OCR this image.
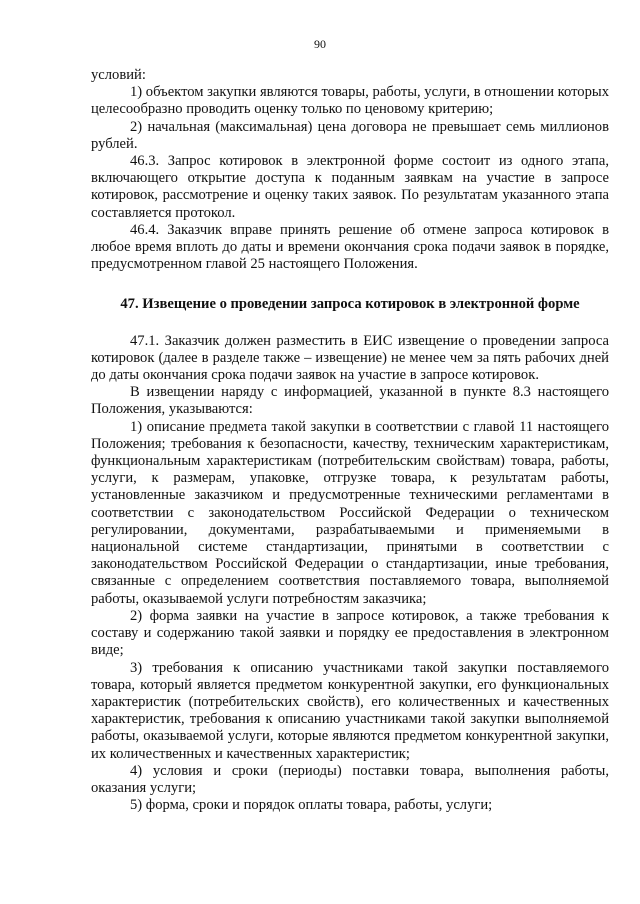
90

условий:

1) объектом закупки являются товары, работы, услуги, в отношении которых целесообразно проводить оценку только по ценовому критерию;

2) начальная (максимальная) цена договора не превышает семь миллионов рублей.

46.3. Запрос котировок в электронной форме состоит из одного этапа, включающего открытие доступа к поданным заявкам на участие в запросе котировок, рассмотрение и оценку таких заявок. По результатам указанного этапа составляется протокол.

46.4. Заказчик вправе принять решение об отмене запроса котировок в любое время вплоть до даты и времени окончания срока подачи заявок в порядке, предусмотренном главой 25 настоящего Положения.

47. Извещение о проведении запроса котировок в электронной форме

47.1. Заказчик должен разместить в ЕИС извещение о проведении запроса котировок (далее в разделе также – извещение) не менее чем за пять рабочих дней до даты окончания срока подачи заявок на участие в запросе котировок.

В извещении наряду с информацией, указанной в пункте 8.3 настоящего Положения, указываются:

1) описание предмета такой закупки в соответствии с главой 11 настоящего Положения; требования к безопасности, качеству, техническим характеристикам, функциональным характеристикам (потребительским свойствам) товара, работы, услуги, к размерам, упаковке, отгрузке товара, к результатам работы, установленные заказчиком и предусмотренные техническими регламентами в соответствии с законодательством Российской Федерации о техническом регулировании, документами, разрабатываемыми и применяемыми в национальной системе стандартизации, принятыми в соответствии с законодательством Российской Федерации о стандартизации, иные требования, связанные с определением соответствия поставляемого товара, выполняемой работы, оказываемой услуги потребностям заказчика;

2) форма заявки на участие в запросе котировок, а также требования к составу и содержанию такой заявки и порядку ее предоставления в электронном виде;

3) требования к описанию участниками такой закупки поставляемого товара, который является предметом конкурентной закупки, его функциональных характеристик (потребительских свойств), его количественных и качественных характеристик, требования к описанию участниками такой закупки выполняемой работы, оказываемой услуги, которые являются предметом конкурентной закупки, их количественных и качественных характеристик;

4) условия и сроки (периоды) поставки товара, выполнения работы, оказания услуги;

5) форма, сроки и порядок оплаты товара, работы, услуги;
